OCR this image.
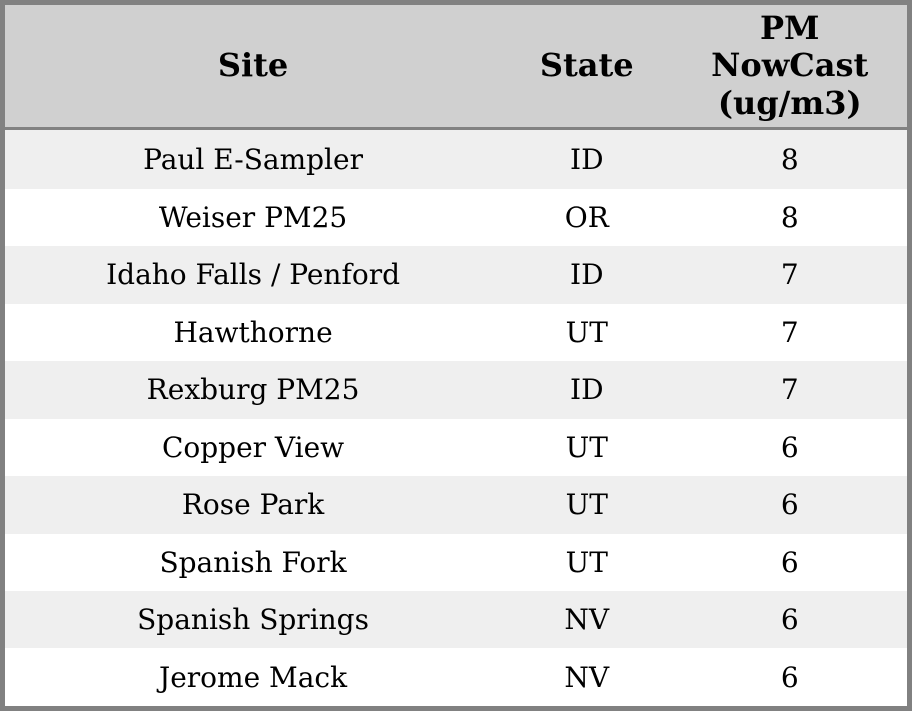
Site	State	PM NowCast (ug/m3)
Paul E-Sampler	ID	8
Weiser PM25	OR	8
Idaho Falls / Penford	ID	7
Hawthorne	UT	7
Rexburg PM25	ID	7
Copper View	UT	6
Rose Park	UT	6
Spanish Fork	UT	6
Spanish Springs	NV	6
Jerome Mack	NV	6
